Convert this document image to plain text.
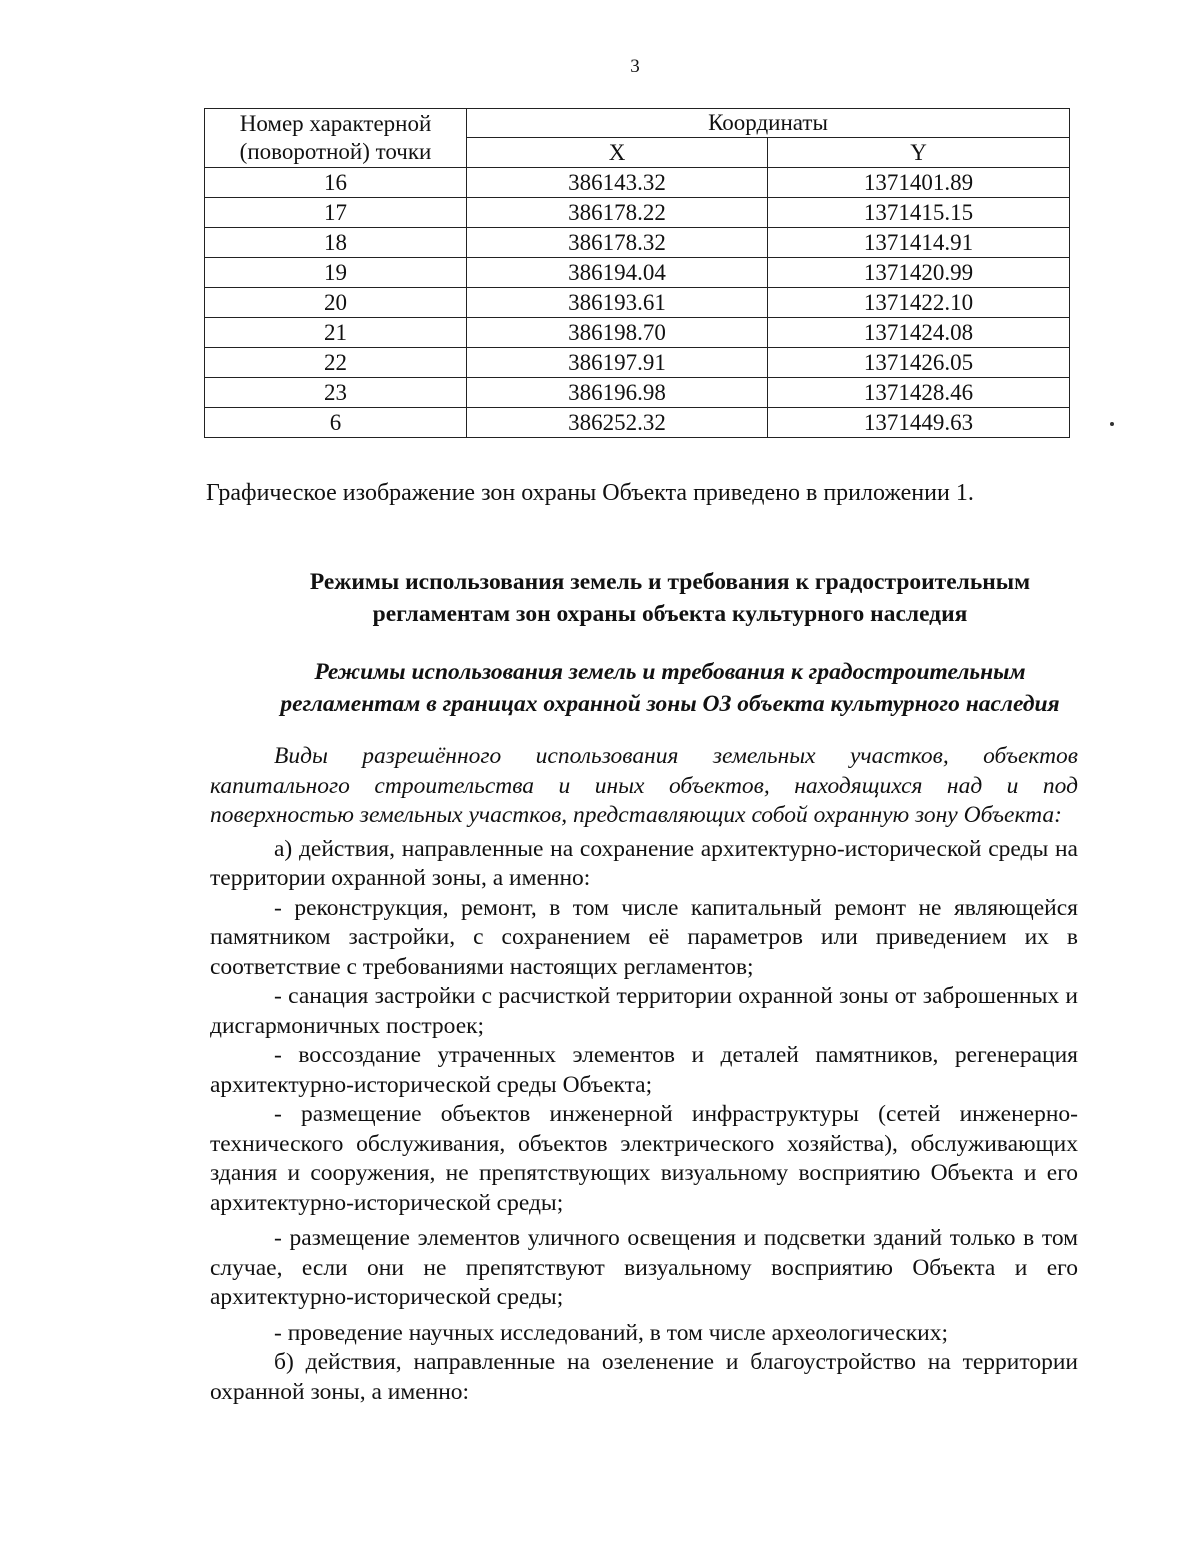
3
Номер характерной
(поворотной) точки	Координаты	
	X	Y
16	386143.32	1371401.89
17	386178.22	1371415.15
18	386178.32	1371414.91
19	386194.04	1371420.99
20	386193.61	1371422.10
21	386198.70	1371424.08
22	386197.91	1371426.05
23	386196.98	1371428.46
6	386252.32	1371449.63
Графическое изображение зон охраны Объекта приведено в приложении 1.
Режимы использования земель и требования к градостроительным
регламентам зон охраны объекта культурного наследия
Режимы использования земель и требования к градостроительным
регламентам в границах охранной зоны ОЗ объекта культурного наследия

Виды разрешённого использования земельных участков, объектов капитального строительства и иных объектов, находящихся над и под поверхностью земельных участков, представляющих собой охранную зону Объекта:

а) действия, направленные на сохранение архитектурно-исторической среды на территории охранной зоны, а именно:

- реконструкция, ремонт, в том числе капитальный ремонт не являющейся памятником застройки, с сохранением её параметров или приведением их в соответствие с требованиями настоящих регламентов;

- санация застройки с расчисткой территории охранной зоны от заброшенных и дисгармоничных построек;

- воссоздание утраченных элементов и деталей памятников, регенерация архитектурно-исторической среды Объекта;

- размещение объектов инженерной инфраструктуры (сетей инженерно-технического обслуживания, объектов электрического хозяйства), обслуживающих здания и сооружения, не препятствующих визуальному восприятию Объекта и его архитектурно-исторической среды;

- размещение элементов уличного освещения и подсветки зданий только в том случае, если они не препятствуют визуальному восприятию Объекта и его архитектурно-исторической среды;

- проведение научных исследований, в том числе археологических;

б) действия, направленные на озеленение и благоустройство на территории охранной зоны, а именно:
